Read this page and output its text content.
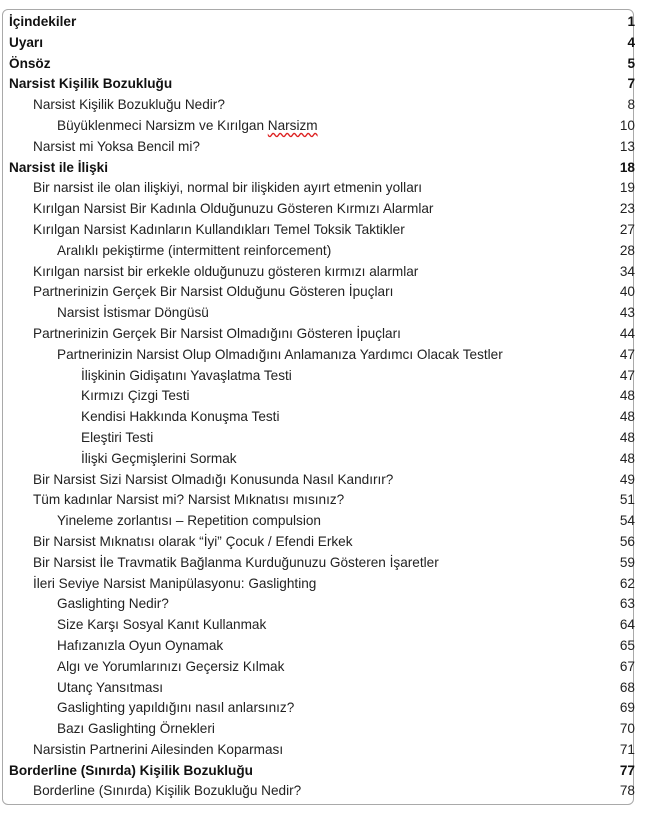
İçindekiler	1
Uyarı	4
Önsöz	5
Narsist Kişilik Bozukluğu	7
Narsist Kişilik Bozukluğu Nedir?	8
Büyüklenmeci Narsizm ve Kırılgan Narsizm	10
Narsist mi Yoksa Bencil mi?	13
Narsist ile İlişki	18
Bir narsist ile olan ilişkiyi, normal bir ilişkiden ayırt etmenin yolları	19
Kırılgan Narsist Bir Kadınla Olduğunuzu Gösteren Kırmızı Alarmlar	23
Kırılgan Narsist Kadınların Kullandıkları Temel Toksik Taktikler	27
Aralıklı pekiştirme (intermittent reinforcement)	28
Kırılgan narsist bir erkekle olduğunuzu gösteren kırmızı alarmlar	34
Partnerinizin Gerçek Bir Narsist Olduğunu Gösteren İpuçları	40
Narsist İstismar Döngüsü	43
Partnerinizin Gerçek Bir Narsist Olmadığını Gösteren İpuçları	44
Partnerinizin Narsist Olup Olmadığını Anlamanıza Yardımcı Olacak Testler	47
İlişkinin Gidişatını Yavaşlatma Testi	47
Kırmızı Çizgi Testi	48
Kendisi Hakkında Konuşma Testi	48
Eleştiri Testi	48
İlişki Geçmişlerini Sormak	48
Bir Narsist Sizi Narsist Olmadığı Konusunda Nasıl Kandırır?	49
Tüm kadınlar Narsist mi? Narsist Mıknatısı mısınız?	51
Yineleme zorlantısı – Repetition compulsion	54
Bir Narsist Mıknatısı olarak “İyi” Çocuk / Efendi Erkek	56
Bir Narsist İle Travmatik Bağlanma Kurduğunuzu Gösteren İşaretler	59
İleri Seviye Narsist Manipülasyonu: Gaslighting	62
Gaslighting Nedir?	63
Size Karşı Sosyal Kanıt Kullanmak	64
Hafızanızla Oyun Oynamak	65
Algı ve Yorumlarınızı Geçersiz Kılmak	67
Utanç Yansıtması	68
Gaslighting yapıldığını nasıl anlarsınız?	69
Bazı Gaslighting Örnekleri	70
Narsistin Partnerini Ailesinden Koparması	71
Borderline (Sınırda) Kişilik Bozukluğu	77
Borderline (Sınırda) Kişilik Bozukluğu Nedir?	78
